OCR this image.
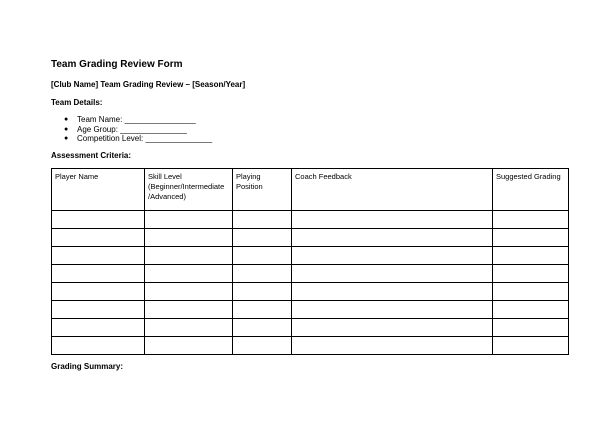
Team Grading Review Form
[Club Name] Team Grading Review – [Season/Year]
Team Details:
● Team Name: ________________
● Age Group: _______________
● Competition Level: _______________
Assessment Criteria:
Player Name	Skill Level (Beginner/Intermediate /Advanced)	Playing Position	Coach Feedback	Suggested Grading

Grading Summary:
